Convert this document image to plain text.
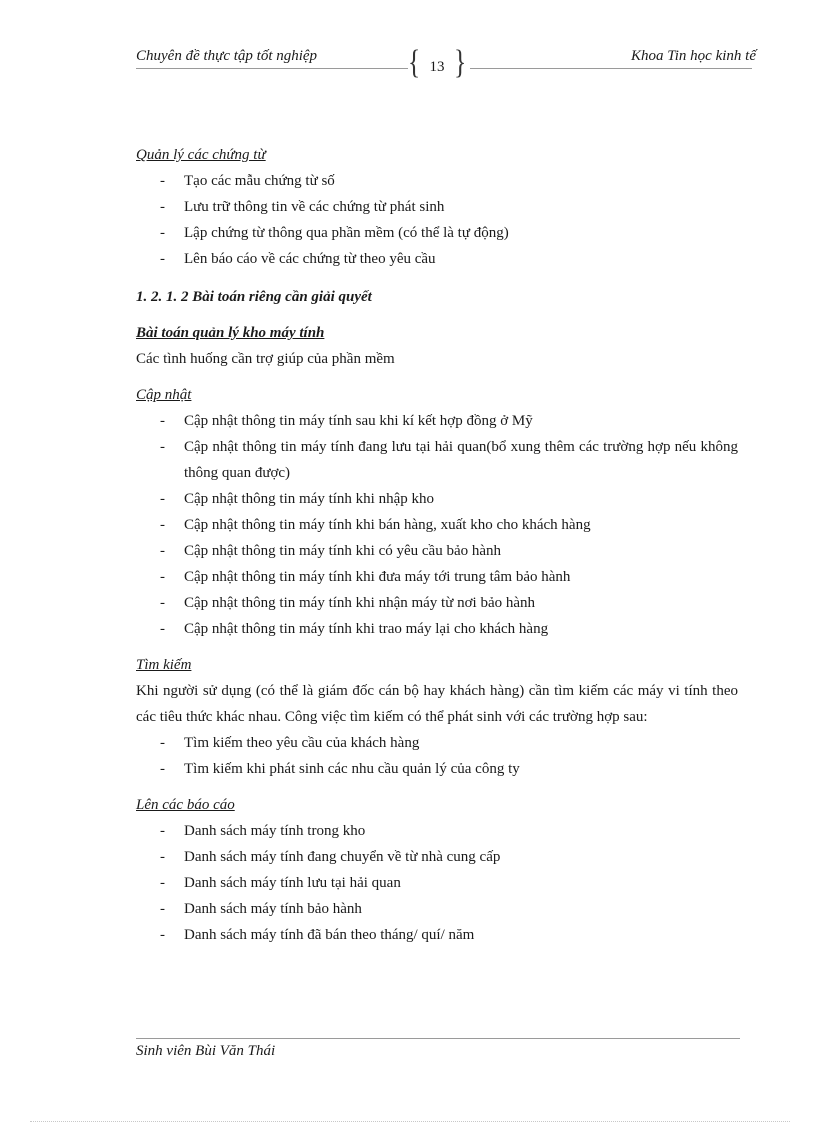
Chuyên đề thực tập tốt nghiệp	{ 13 }	Khoa Tin học kinh tế
Quản lý các chứng từ
- Tạo các mẫu chứng từ số
- Lưu trữ thông tin về các chứng từ phát sinh
- Lập chứng từ thông qua phần mềm (có thể là tự động)
- Lên báo cáo về các chứng từ theo yêu cầu
1. 2. 1. 2 Bài toán riêng cần giải quyết
Bài toán quản lý kho máy tính
Các tình huống cần trợ giúp của phần mềm
Cập nhật
- Cập nhật thông tin máy tính sau khi kí kết hợp đồng ở Mỹ
- Cập nhật thông tin máy tính đang lưu tại hải quan(bổ xung thêm các trường hợp nếu không thông quan được)
- Cập nhật thông tin máy tính khi nhập kho
- Cập nhật thông tin máy tính khi bán hàng, xuất kho cho khách hàng
- Cập nhật thông tin máy tính khi có yêu cầu bảo hành
- Cập nhật thông tin máy tính khi đưa máy tới trung tâm bảo hành
- Cập nhật thông tin máy tính khi nhận máy từ nơi bảo hành
- Cập nhật thông tin máy tính khi trao máy lại cho khách hàng
Tìm kiếm
Khi người sử dụng (có thể là giám đốc cán bộ hay khách hàng) cần tìm kiếm các máy vi tính theo các tiêu thức khác nhau. Công việc tìm kiếm có thể phát sinh với các trường hợp sau:
- Tìm kiếm theo yêu cầu của khách hàng
- Tìm kiếm khi phát sinh các nhu cầu quản lý của công ty
Lên các báo cáo
- Danh sách máy tính trong kho
- Danh sách máy tính đang chuyển về từ nhà cung cấp
- Danh sách máy tính lưu tại hải quan
- Danh sách máy tính bảo hành
- Danh sách máy tính đã bán theo tháng/ quí/ năm
Sinh viên Bùi Văn Thái
